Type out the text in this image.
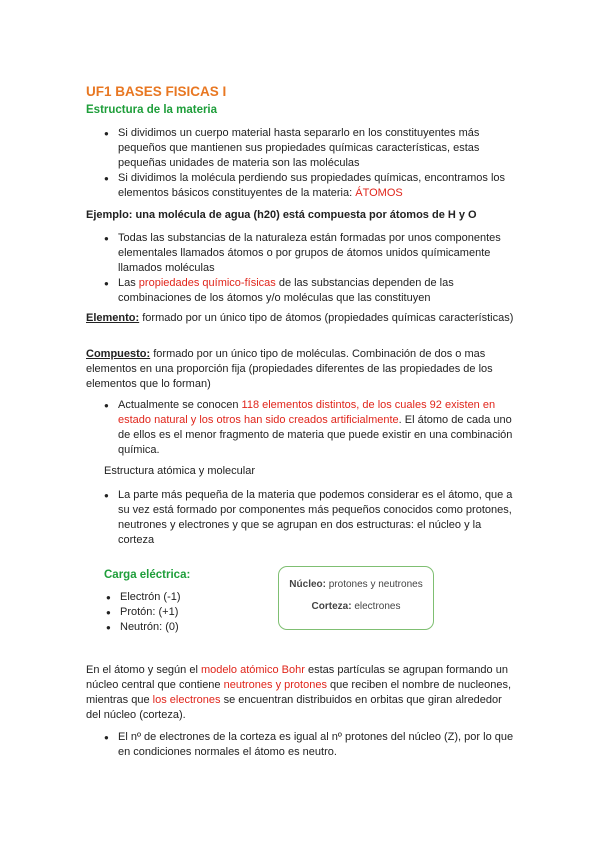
UF1 BASES FISICAS I
Estructura de la materia
● Si dividimos un cuerpo material hasta separarlo en los constituyentes más pequeños que mantienen sus propiedades químicas características, estas pequeñas unidades de materia son las moléculas
● Si dividimos la molécula perdiendo sus propiedades químicas, encontramos los elementos básicos constituyentes de la materia: ÁTOMOS
Ejemplo: una molécula de agua (h20) está compuesta por átomos de H y O
● Todas las substancias de la naturaleza están formadas por unos componentes elementales llamados átomos o por grupos de átomos unidos químicamente llamados moléculas
● Las propiedades químico-físicas de las substancias dependen de las combinaciones de los átomos y/o moléculas que las constituyen
Elemento: formado por un único tipo de átomos (propiedades químicas características)
Compuesto: formado por un único tipo de moléculas. Combinación de dos o mas elementos en una proporción fija (propiedades diferentes de las propiedades de los elementos que lo forman)
● Actualmente se conocen 118 elementos distintos, de los cuales 92 existen en estado natural y los otros han sido creados artificialmente. El átomo de cada uno de ellos es el menor fragmento de materia que puede existir en una combinación química.
Estructura atómica y molecular
● La parte más pequeña de la materia que podemos considerar es el átomo, que a su vez está formado por componentes más pequeños conocidos como protones, neutrones y electrones y que se agrupan en dos estructuras: el núcleo y la corteza
Carga eléctrica:
● Electrón (-1)
● Protón: (+1)
● Neutrón: (0)
Núcleo: protones y neutrones
Corteza: electrones
En el átomo y según el modelo atómico Bohr estas partículas se agrupan formando un núcleo central que contiene neutrones y protones que reciben el nombre de nucleones, mientras que los electrones se encuentran distribuidos en orbitas que giran alrededor del núcleo (corteza).
● El nº de electrones de la corteza es igual al nº protones del núcleo (Z), por lo que en condiciones normales el átomo es neutro.
